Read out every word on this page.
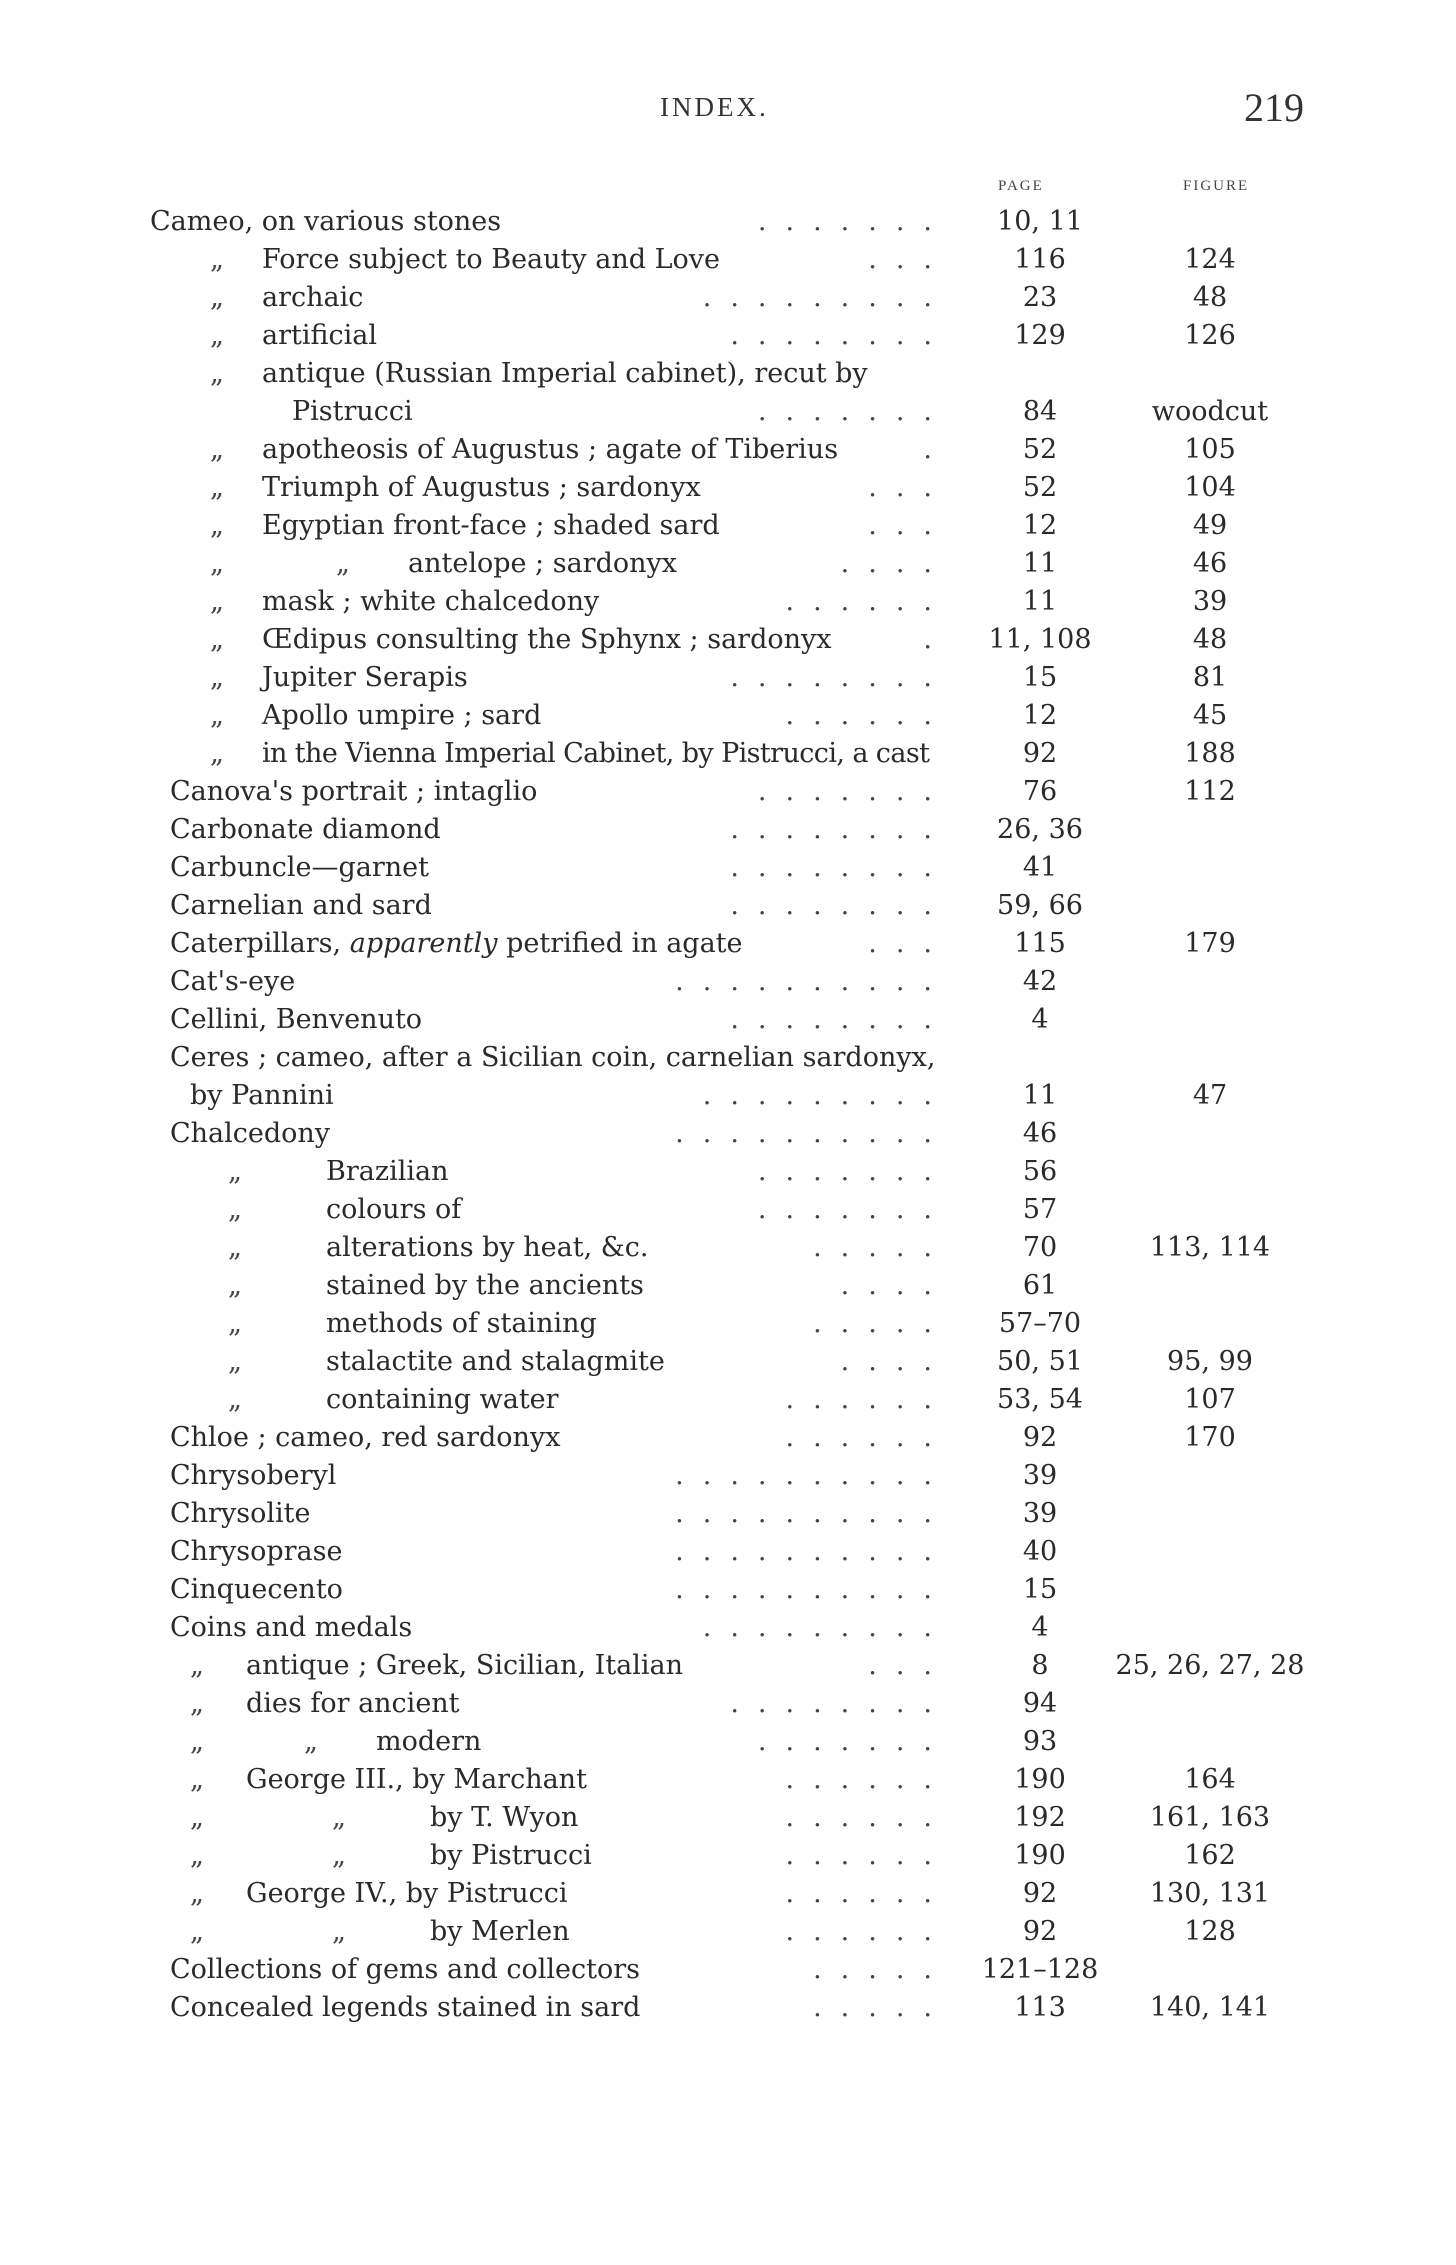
INDEX.	219
PAGE	FIGURE
Cameo, on various stones	.......	10, 11
„ Force subject to Beauty and Love	...	116	124
„ archaic	.........	23	48
„ artificial	........	129	126
„ antique (Russian Imperial cabinet), recut by
Pistrucci	.......	84	woodcut
„ apotheosis of Augustus ; agate of Tiberius	.	52	105
„ Triumph of Augustus ; sardonyx	...	52	104
„ Egyptian front-face ; shaded sard	...	12	49
„	„ antelope ; sardonyx	....	11	46
„ mask ; white chalcedony	......	11	39
„ Œdipus consulting the Sphynx ; sardonyx	.	11, 108	48
„ Jupiter Serapis	........	15	81
„ Apollo umpire ; sard	......	12	45
„ in the Vienna Imperial Cabinet, by Pistrucci, a cast	92	188
Canova's portrait ; intaglio	.......	76	112
Carbonate diamond	........	26, 36
Carbuncle—garnet	........	41
Carnelian and sard	........	59, 66
Caterpillars, apparently petrified in agate	...	115	179
Cat's-eye	..........	42
Cellini, Benvenuto	........	4
Ceres ; cameo, after a Sicilian coin, carnelian sardonyx,
by Pannini	.........	11	47
Chalcedony	..........	46
„	Brazilian	.......	56
„	colours of	.......	57
„	alterations by heat, &c.	.....	70	113, 114
„	stained by the ancients	....	61
„	methods of staining	.....	57–70
„	stalactite and stalagmite	....	50, 51	95, 99
„	containing water	......	53, 54	107
Chloe ; cameo, red sardonyx	......	92	170
Chrysoberyl	..........	39
Chrysolite	..........	39
Chrysoprase	..........	40
Cinquecento	..........	15
Coins and medals	.........	4
„ antique ; Greek, Sicilian, Italian	...	8	25, 26, 27, 28
„ dies for ancient	........	94
„	„ modern	.......	93
„ George III., by Marchant	......	190	164
„	„	by T. Wyon	......	192	161, 163
„	„	by Pistrucci	......	190	162
„ George IV., by Pistrucci	......	92	130, 131
„	„	by Merlen	......	92	128
Collections of gems and collectors	.....	121–128
Concealed legends stained in sard	.....	113	140, 141
